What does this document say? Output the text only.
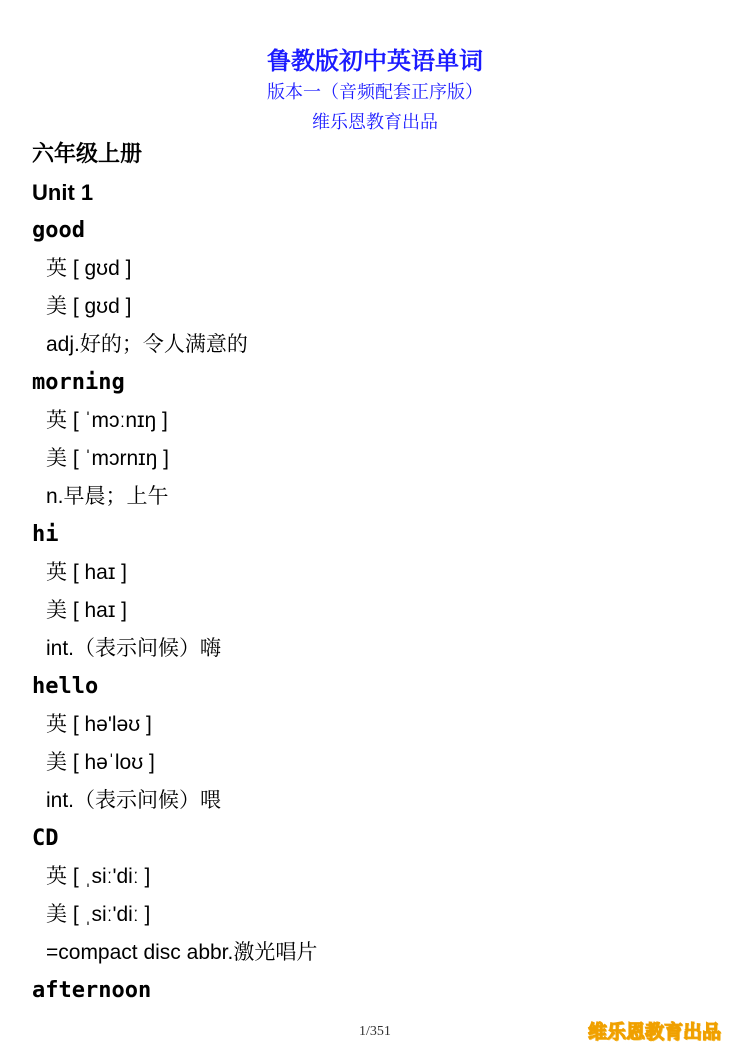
鲁教版初中英语单词
版本一（音频配套正序版）
维乐恩教育出品
六年级上册
Unit 1
good
英 [ gʊd ]
美 [ gʊd ]
adj.好的；令人满意的
morning
英 [ ˈmɔːnɪŋ ]
美 [ ˈmɔrnɪŋ ]
n.早晨；上午
hi
英 [ haɪ ]
美 [ haɪ ]
int.（表示问候）嗨
hello
英 [ hə'ləʊ ]
美 [ həˈloʊ ]
int.（表示问候）喂
CD
英 [ ˌsiː'diː ]
美 [ ˌsiː'diː ]
=compact disc abbr.激光唱片
afternoon
1/351	维乐恩教育出品
